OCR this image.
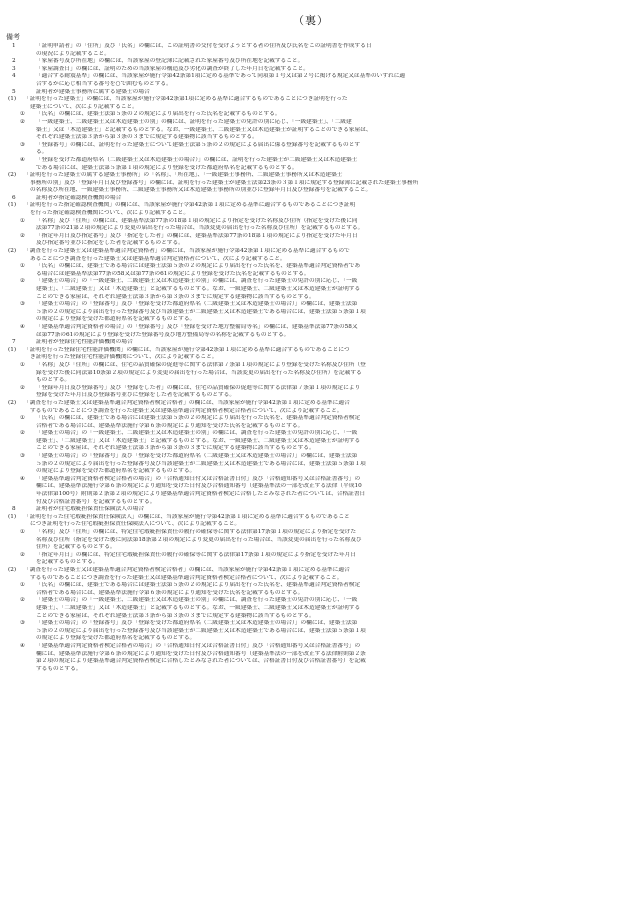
（裏）
備考
1	「証明申請者」の「住所」及び「氏名」の欄には、この証明書の交付を受けようとする者の住所及び氏名をこの証明書を作成する日
の現況により記載すること。
2	「家屋番号及び所在地」の欄には、当該家屋の登記簿に記載された家屋番号及び所在地を記載すること。
3	「家屋調査日」の欄には、証明のための当該家屋の構造及び劣化の調査が終了した年月日を記載すること。
4	「適合する耐震基準」の欄には、当該家屋が施行令第42条第1項に定める基準であって同項第１号又は第２号に掲げる規定又は基準のいずれに適
合するかに応じ相当する番号を○で囲むものとする。
5	証明者が建築士事務所に属する建築士の場合
(1) 「証明を行った建築士」の欄には、当該家屋が施行令第42条第1項に定める基準に適合するものであることにつき証明を行った
建築士について、次により記載すること。
① 「氏名」の欄には、建築士法第５条の２の規定により届出を行った氏名を記載するものとする。
② 「一級建築士、二級建築士又は木造建築士の別」の欄には、証明を行った建築士の免許の別に応じ、「一級建築士」、「二級建
築士」又は「木造建築士」と記載するものとする。なお、一級建築士、二級建築士又は木造建築士が証明することのできる家屋は、
それぞれ建築士法第３条から第３条の３までに規定する建築物に該当するものとする。
③ 「登録番号」の欄には、証明を行った建築士について建築士法第５条の２の規定による届出に係る登録番号を記載するものとす
る。
④ 「登録を受けた都道府県名（二級建築士又は木造建築士の場合）」の欄には、証明を行った建築士が二級建築士又は木造建築士
である場合には、建築士法第５条第１項の規定により登録を受けた都道府県名を記載するものとする。
(2) 「証明を行った建築士の属する建築士事務所」の「名称」、「所在地」、「一級建築士事務所、二級建築士事務所又は木造建築士
事務所の別」及び「登録年月日及び登録番号」の欄には、証明を行った建築士が建築士法第23条の３第１項に規定する登録簿に記載された建築士事務所
の名称及び所在地、一級建築士事務所、二級建築士事務所又は木造建築士事務所の別並びに登録年月日及び登録番号を記載すること。
6	証明者が指定確認検査機関の場合
(1) 「証明を行った指定確認検査機関」の欄には、当該家屋が施行令第42条第１項に定める基準に適合するものであることにつき証明
を行った指定確認検査機関について、次により記載すること。
① 「名称」及び「住所」の欄には、建築基準法第77条の18第１項の規定により指定を受けた名称及び住所（指定を受けた後に同
法第77条の21第２項の規定により変更の届出を行った場合は、当該変更の届出を行った名称及び住所）を記載するものとする。
② 「指定年月日及び指定番号」及び「指定をした者」の欄には、建築基準法第77条の18第１項の規定により指定を受けた年月日
及び指定番号並びに指定をした者を記載するものとする。
(2) 「調査を行った建築士又は建築基準適合判定資格者」の欄には、当該家屋が施行令第42条第１項に定める基準に適合するもので
あることにつき調査を行った建築士又は建築基準適合判定資格者について、次により記載すること。
① 「氏名」の欄には、建築士である場合には建築士法第５条の２の規定により届出を行った氏名を、建築基準適合判定資格者であ
る場合には建築基準法第77条の58又は第77条の61の規定により登録を受けた氏名を記載するものとする。
② 「建築士の場合」の「一級建築士、二級建築士又は木造建築士の別」の欄には、調査を行った建築士の免許の別に応じ、「一級
建築士」、「二級建築士」又は「木造建築士」と記載するものとする。なお、一級建築士、二級建築士又は木造建築士が証明する
ことのできる家屋は、それぞれ建築士法第３条から第３条の３までに規定する建築物に該当するものとする。
③ 「建築士の場合」の「登録番号」及び「登録を受けた都道府県名（二級建築士又は木造建築士の場合）」の欄には、建築士法第
５条の２の規定により届出を行った登録番号及び当該建築士が二級建築士又は木造建築士である場合には、建築士法第５条第１項
の規定により登録を受けた都道府県名を記載するものとする。
④ 「建築基準適合判定資格者の場合」の「登録番号」及び「登録を受けた地方整備局等名」の欄には、建築基準法第77条の58又
は第77条の61の規定により登録を受けた登録番号及び地方整備局等の名称を記載するものとする。
7	証明者が登録住宅性能評価機関の場合
(1) 「証明を行った登録住宅性能評価機関」の欄には、当該家屋が施行令第42条第１項に定める基準に適合するものであることにつ
き証明を行った登録住宅性能評価機関について、次により記載すること。
① 「名称」及び「住所」の欄には、住宅の品質確保の促進等に関する法律第７条第１項の規定により登録を受けた名称及び住所（登
録を受けた後に同法第10条第２項の規定により変更の届出を行った場合は、当該変更の届出を行った名称及び住所）を記載する
ものとする。
② 「登録年月日及び登録番号」及び「登録をした者」の欄には、住宅の品質確保の促進等に関する法律第７条第１項の規定により
登録を受けた年月日及び登録番号並びに登録をした者を記載するものとする。
(2) 「調査を行った建築士又は建築基準適合判定資格者検定合格者」の欄には、当該家屋が施行令第42条第１項に定める基準に適合
するものであることにつき調査を行った建築士又は建築基準適合判定資格者検定合格者について、次により記載すること。
① 「氏名」の欄には、建築士である場合には建築士法第５条の２の規定により届出を行った氏名を、建築基準適合判定資格者検定
合格者である場合には、建築基準法施行令第６条の規定により通知を受けた氏名を記載するものとする。
② 「建築士の場合」の「一級建築士、二級建築士又は木造建築士の別」の欄には、調査を行った建築士の免許の別に応じ、「一級
建築士」、「二級建築士」又は「木造建築士」と記載するものとする。なお、一級建築士、二級建築士又は木造建築士が証明する
ことのできる家屋は、それぞれ建築士法第３条から第３条の３までに規定する建築物に該当するものとする。
③ 「建築士の場合」の「登録番号」及び「登録を受けた都道府県名（二級建築士又は木造建築士の場合）」の欄には、建築士法第
５条の２の規定により届出を行った登録番号及び当該建築士が二級建築士又は木造建築士である場合には、建築士法第５条第１項
の規定により登録を受けた都道府県名を記載するものとする。
④ 「建築基準適合判定資格者検定合格者の場合」の「合格通知日付又は合格証書日付」及び「合格通知番号又は合格証書番号」の
欄には、建築基準法施行令第６条の規定により通知を受けた日付及び合格通知番号（建築基準法の一部を改正する法律（平成10
年法律第100号）附則第２条第２項の規定により建築基準適合判定資格者検定に合格したとみなされた者については、合格証書日
付及び合格証書番号）を記載するものとする。
8	証明者が住宅瑕疵担保責任保険法人の場合
(1) 「証明を行った住宅瑕疵担保責任保険法人」の欄には、当該家屋が施行令第42条第１項に定める基準に適合するものであること
につき証明を行った住宅瑕疵担保責任保険法人について、次により記載すること。
① 「名称」及び「住所」の欄には、特定住宅瑕疵担保責任の履行の確保等に関する法律第17条第１項の規定により指定を受けた
名称及び住所（指定を受けた後に同法第18条第２項の規定により変更の届出を行った場合は、当該変更の届出を行った名称及び
住所）を記載するものとする。
② 「指定年月日」の欄には、特定住宅瑕疵担保責任の履行の確保等に関する法律第17条第１項の規定により指定を受けた年月日
を記載するものとする。
(2) 「調査を行った建築士又は建築基準適合判定資格者検定合格者」の欄には、当該家屋が施行令第42条第１項に定める基準に適合
するものであることにつき調査を行った建築士又は建築基準適合判定資格者検定合格者について、次により記載すること。
① 「氏名」の欄には、建築士である場合には建築士法第５条の２の規定により届出を行った氏名を、建築基準適合判定資格者検定
合格者である場合には、建築基準法施行令第６条の規定により通知を受けた氏名を記載するものとする。
② 「建築士の場合」の「一級建築士、二級建築士又は木造建築士の別」の欄には、調査を行った建築士の免許の別に応じ、「一級
建築士」、「二級建築士」又は「木造建築士」と記載するものとする。なお、一級建築士、二級建築士又は木造建築士が証明する
ことのできる家屋は、それぞれ建築士法第３条から第３条の３までに規定する建築物に該当するものとする。
③ 「建築士の場合」の「登録番号」及び「登録を受けた都道府県名（二級建築士又は木造建築士の場合）」の欄には、建築士法第
５条の２の規定により届出を行った登録番号及び当該建築士が二級建築士又は木造建築士である場合には、建築士法第５条第１項
の規定により登録を受けた都道府県名を記載するものとする。
④ 「建築基準適合判定資格者検定合格者の場合」の「合格通知日付又は合格証書日付」及び「合格通知番号又は合格証書番号」の
欄には、建築基準法施行令第６条の規定により通知を受けた日付及び合格通知番号（建築基準法の一部を改正する法律附則第２条
第２項の規定により建築基準適合判定資格者検定に合格したとみなされた者については、合格証書日付及び合格証書番号）を記載
するものとする。
